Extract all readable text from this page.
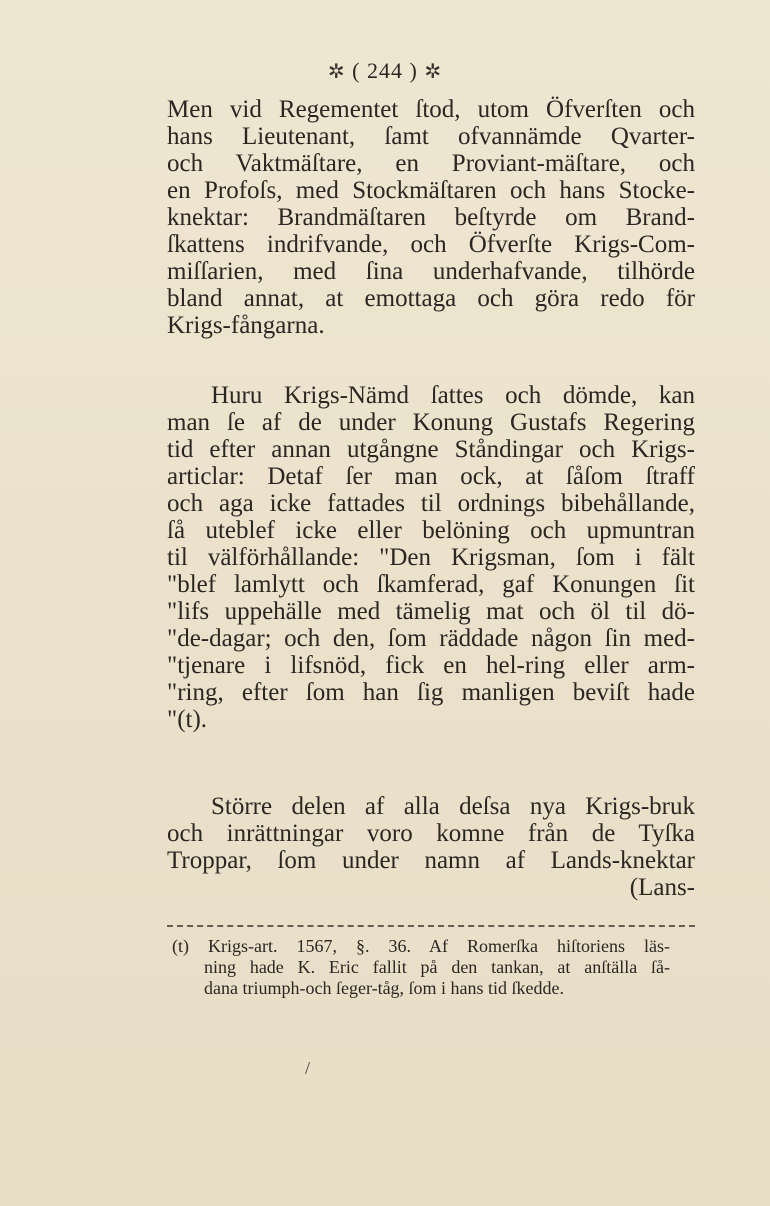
✲ ( 244 ) ✲
Men vid Regementet ſtod, utom Öfverſten och
hans Lieutenant, ſamt ofvannämde Qvarter-
och Vaktmäſtare, en Proviant-mäſtare, och
en Profoſs, med Stockmäſtaren och hans Stocke-
knektar: Brandmäſtaren beſtyrde om Brand-
ſkattens indrifvande, och Öfverſte Krigs-Com-
miſſarien, med ſina underhafvande, tilhörde
bland annat, at emottaga och göra redo för
Krigs-fångarna.
Huru Krigs-Nämd ſattes och dömde, kan
man ſe af de under Konung Gustafs Regering
tid efter annan utgångne Ståndingar och Krigs-
articlar: Detaf ſer man ock, at ſåſom ſtraff
och aga icke fattades til ordnings bibehållande,
ſå uteblef icke eller belöning och upmuntran
til välförhållande: "Den Krigsman, ſom i fält
"blef lamlytt och ſkamferad, gaf Konungen ſit
"lifs uppehälle med tämelig mat och öl til dö-
"de-dagar; och den, ſom räddade någon ſin med-
"tjenare i lifsnöd, fick en hel-ring eller arm-
"ring, efter ſom han ſig manligen beviſt hade
"(t).
Större delen af alla deſsa nya Krigs-bruk
och inrättningar voro komne från de Tyſka
Troppar, ſom under namn af Lands-knektar
(Lans-
(t) Krigs-art. 1567, §. 36. Af Romerſka hiſtoriens läs-
ning hade K. Eric fallit på den tankan, at anſtälla ſå-
dana triumph-och ſeger-tåg, ſom i hans tid ſkedde.
/
